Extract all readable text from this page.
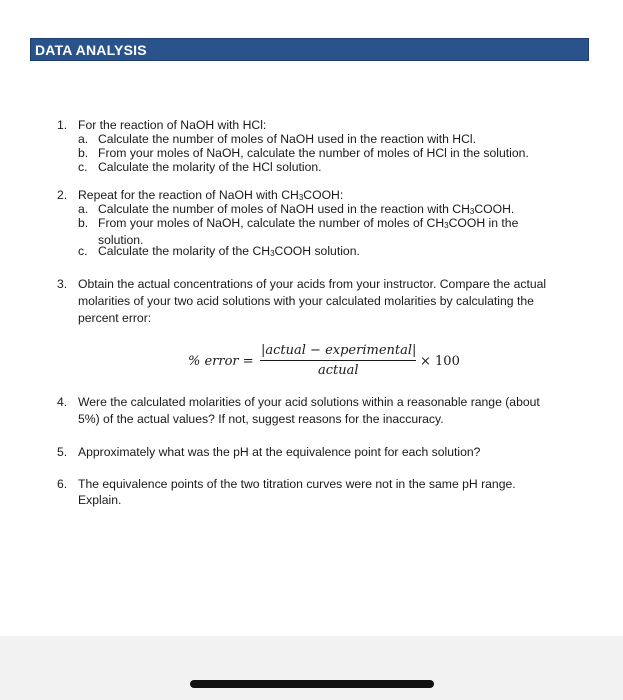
DATA ANALYSIS
1. For the reaction of NaOH with HCl:
a. Calculate the number of moles of NaOH used in the reaction with HCl.
b. From your moles of NaOH, calculate the number of moles of HCl in the solution.
c. Calculate the molarity of the HCl solution.
2. Repeat for the reaction of NaOH with $CH_3COOH$:
a. Calculate the number of moles of NaOH used in the reaction with $CH_3COOH$.
b. From your moles of NaOH, calculate the number of moles of $CH_3COOH$ in the
solution.
c. Calculate the molarity of the $CH_3COOH$ solution.
3. Obtain the actual concentrations of your acids from your instructor. Compare the actual
molarities of your two acid solutions with your calculated molarities by calculating the
percent error:
% error =
|actual − experimental|
actual
× 100
4. Were the calculated molarities of your acid solutions within a reasonable range (about
5%) of the actual values? If not, suggest reasons for the inaccuracy.
5. Approximately what was the pH at the equivalence point for each solution?
6. The equivalence points of the two titration curves were not in the same pH range.
Explain.
